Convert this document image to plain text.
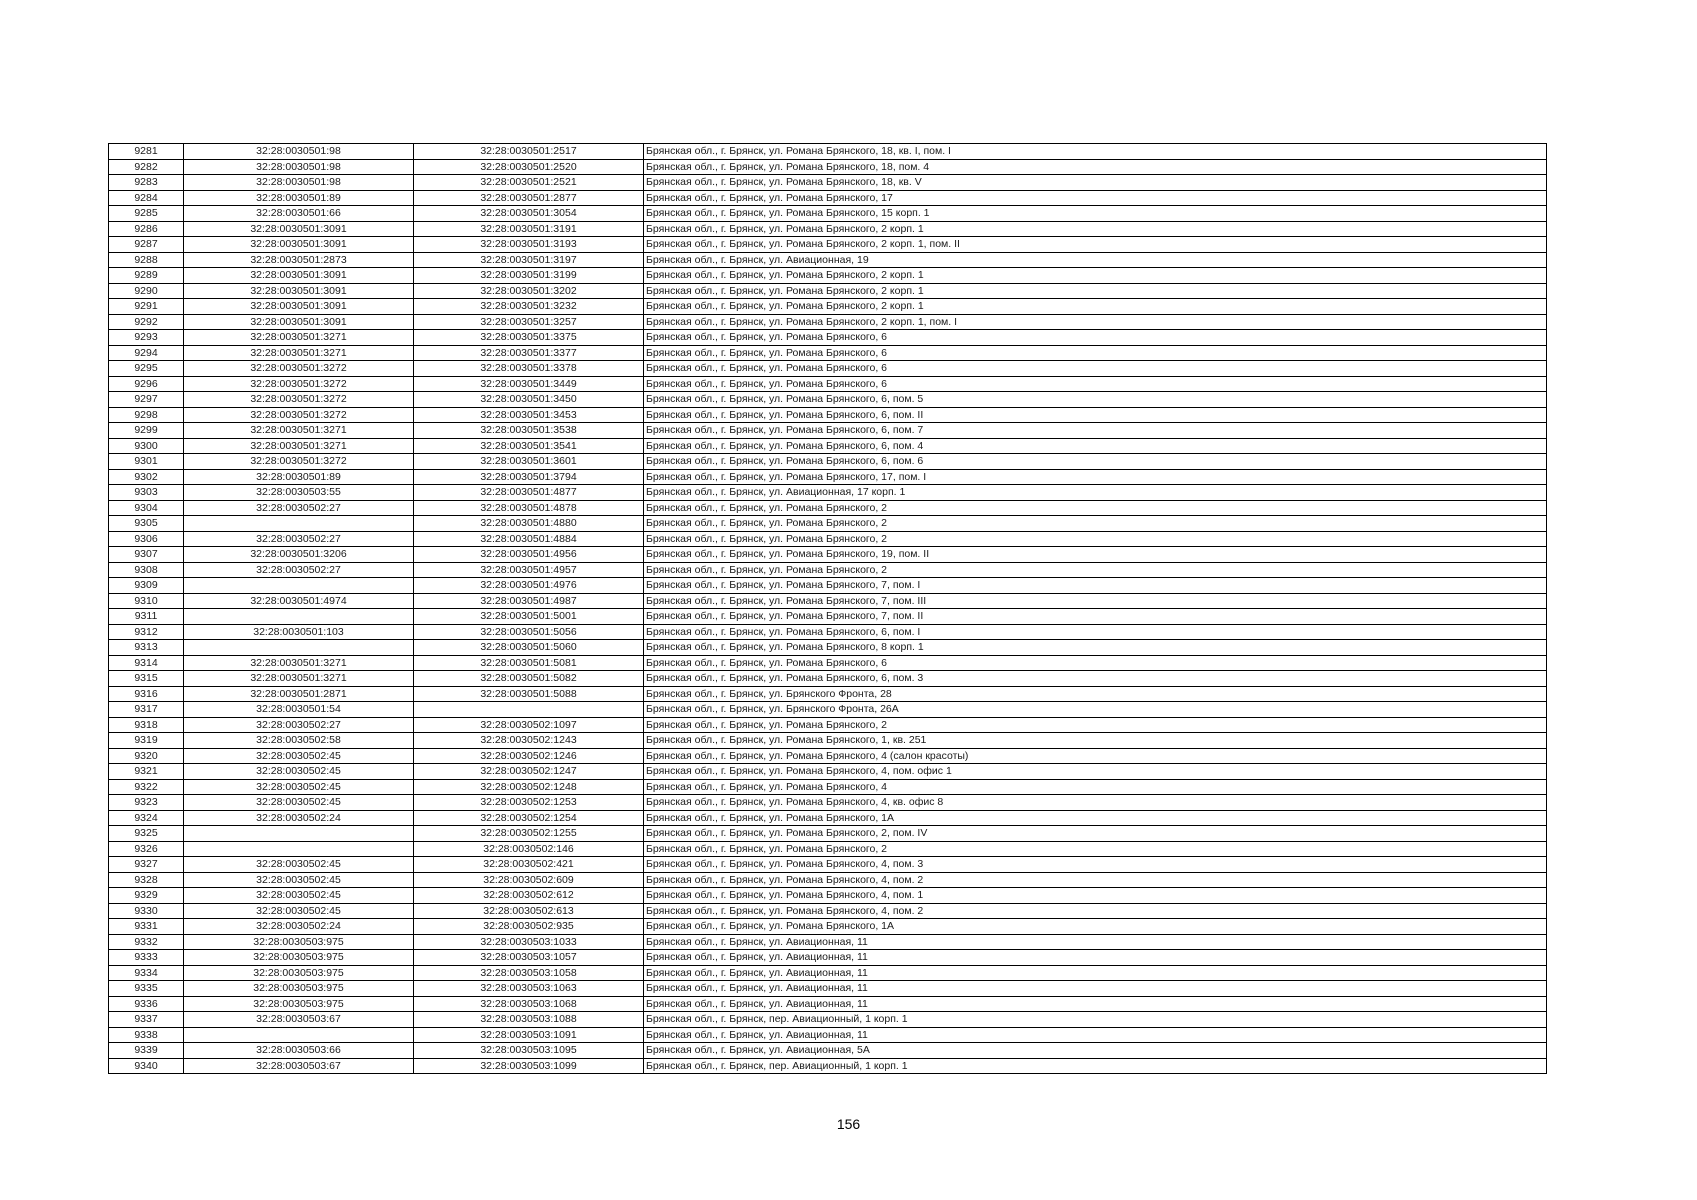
9281	32:28:0030501:98	32:28:0030501:2517	Брянская обл., г. Брянск, ул. Романа Брянского, 18, кв. I, пом. I
9282	32:28:0030501:98	32:28:0030501:2520	Брянская обл., г. Брянск, ул. Романа Брянского, 18, пом. 4
9283	32:28:0030501:98	32:28:0030501:2521	Брянская обл., г. Брянск, ул. Романа Брянского, 18, кв. V
9284	32:28:0030501:89	32:28:0030501:2877	Брянская обл., г. Брянск, ул. Романа Брянского, 17
9285	32:28:0030501:66	32:28:0030501:3054	Брянская обл., г. Брянск, ул. Романа Брянского, 15 корп. 1
9286	32:28:0030501:3091	32:28:0030501:3191	Брянская обл., г. Брянск, ул. Романа Брянского, 2 корп. 1
9287	32:28:0030501:3091	32:28:0030501:3193	Брянская обл., г. Брянск, ул. Романа Брянского, 2 корп. 1, пом. II
9288	32:28:0030501:2873	32:28:0030501:3197	Брянская обл., г. Брянск, ул. Авиационная, 19
9289	32:28:0030501:3091	32:28:0030501:3199	Брянская обл., г. Брянск, ул. Романа Брянского, 2 корп. 1
9290	32:28:0030501:3091	32:28:0030501:3202	Брянская обл., г. Брянск, ул. Романа Брянского, 2 корп. 1
9291	32:28:0030501:3091	32:28:0030501:3232	Брянская обл., г. Брянск, ул. Романа Брянского, 2 корп. 1
9292	32:28:0030501:3091	32:28:0030501:3257	Брянская обл., г. Брянск, ул. Романа Брянского, 2 корп. 1, пом. I
9293	32:28:0030501:3271	32:28:0030501:3375	Брянская обл., г. Брянск, ул. Романа Брянского, 6
9294	32:28:0030501:3271	32:28:0030501:3377	Брянская обл., г. Брянск, ул. Романа Брянского, 6
9295	32:28:0030501:3272	32:28:0030501:3378	Брянская обл., г. Брянск, ул. Романа Брянского, 6
9296	32:28:0030501:3272	32:28:0030501:3449	Брянская обл., г. Брянск, ул. Романа Брянского, 6
9297	32:28:0030501:3272	32:28:0030501:3450	Брянская обл., г. Брянск, ул. Романа Брянского, 6, пом. 5
9298	32:28:0030501:3272	32:28:0030501:3453	Брянская обл., г. Брянск, ул. Романа Брянского, 6, пом. II
9299	32:28:0030501:3271	32:28:0030501:3538	Брянская обл., г. Брянск, ул. Романа Брянского, 6, пом. 7
9300	32:28:0030501:3271	32:28:0030501:3541	Брянская обл., г. Брянск, ул. Романа Брянского, 6, пом. 4
9301	32:28:0030501:3272	32:28:0030501:3601	Брянская обл., г. Брянск, ул. Романа Брянского, 6, пом. 6
9302	32:28:0030501:89	32:28:0030501:3794	Брянская обл., г. Брянск, ул. Романа Брянского, 17, пом. I
9303	32:28:0030503:55	32:28:0030501:4877	Брянская обл., г. Брянск, ул. Авиационная, 17 корп. 1
9304	32:28:0030502:27	32:28:0030501:4878	Брянская обл., г. Брянск, ул. Романа Брянского, 2
9305		32:28:0030501:4880	Брянская обл., г. Брянск, ул. Романа Брянского, 2
9306	32:28:0030502:27	32:28:0030501:4884	Брянская обл., г. Брянск, ул. Романа Брянского, 2
9307	32:28:0030501:3206	32:28:0030501:4956	Брянская обл., г. Брянск, ул. Романа Брянского, 19, пом. II
9308	32:28:0030502:27	32:28:0030501:4957	Брянская обл., г. Брянск, ул. Романа Брянского, 2
9309		32:28:0030501:4976	Брянская обл., г. Брянск, ул. Романа Брянского, 7, пом. I
9310	32:28:0030501:4974	32:28:0030501:4987	Брянская обл., г. Брянск, ул. Романа Брянского, 7, пом. III
9311		32:28:0030501:5001	Брянская обл., г. Брянск, ул. Романа Брянского, 7, пом. II
9312	32:28:0030501:103	32:28:0030501:5056	Брянская обл., г. Брянск, ул. Романа Брянского, 6, пом. I
9313		32:28:0030501:5060	Брянская обл., г. Брянск, ул. Романа Брянского, 8 корп. 1
9314	32:28:0030501:3271	32:28:0030501:5081	Брянская обл., г. Брянск, ул. Романа Брянского, 6
9315	32:28:0030501:3271	32:28:0030501:5082	Брянская обл., г. Брянск, ул. Романа Брянского, 6, пом. 3
9316	32:28:0030501:2871	32:28:0030501:5088	Брянская обл., г. Брянск, ул. Брянского Фронта, 28
9317	32:28:0030501:54		Брянская обл., г. Брянск, ул. Брянского Фронта, 26А
9318	32:28:0030502:27	32:28:0030502:1097	Брянская обл., г. Брянск, ул. Романа Брянского, 2
9319	32:28:0030502:58	32:28:0030502:1243	Брянская обл., г. Брянск, ул. Романа Брянского, 1, кв. 251
9320	32:28:0030502:45	32:28:0030502:1246	Брянская обл., г. Брянск, ул. Романа Брянского, 4 (салон красоты)
9321	32:28:0030502:45	32:28:0030502:1247	Брянская обл., г. Брянск, ул. Романа Брянского, 4, пом. офис 1
9322	32:28:0030502:45	32:28:0030502:1248	Брянская обл., г. Брянск, ул. Романа Брянского, 4
9323	32:28:0030502:45	32:28:0030502:1253	Брянская обл., г. Брянск, ул. Романа Брянского, 4, кв. офис 8
9324	32:28:0030502:24	32:28:0030502:1254	Брянская обл., г. Брянск, ул. Романа Брянского, 1А
9325		32:28:0030502:1255	Брянская обл., г. Брянск, ул. Романа Брянского, 2, пом. IV
9326		32:28:0030502:146	Брянская обл., г. Брянск, ул. Романа Брянского, 2
9327	32:28:0030502:45	32:28:0030502:421	Брянская обл., г. Брянск, ул. Романа Брянского, 4, пом. 3
9328	32:28:0030502:45	32:28:0030502:609	Брянская обл., г. Брянск, ул. Романа Брянского, 4, пом. 2
9329	32:28:0030502:45	32:28:0030502:612	Брянская обл., г. Брянск, ул. Романа Брянского, 4, пом. 1
9330	32:28:0030502:45	32:28:0030502:613	Брянская обл., г. Брянск, ул. Романа Брянского, 4, пом. 2
9331	32:28:0030502:24	32:28:0030502:935	Брянская обл., г. Брянск, ул. Романа Брянского, 1А
9332	32:28:0030503:975	32:28:0030503:1033	Брянская обл., г. Брянск, ул. Авиационная, 11
9333	32:28:0030503:975	32:28:0030503:1057	Брянская обл., г. Брянск, ул. Авиационная, 11
9334	32:28:0030503:975	32:28:0030503:1058	Брянская обл., г. Брянск, ул. Авиационная, 11
9335	32:28:0030503:975	32:28:0030503:1063	Брянская обл., г. Брянск, ул. Авиационная, 11
9336	32:28:0030503:975	32:28:0030503:1068	Брянская обл., г. Брянск, ул. Авиационная, 11
9337	32:28:0030503:67	32:28:0030503:1088	Брянская обл., г. Брянск, пер. Авиационный, 1 корп. 1
9338		32:28:0030503:1091	Брянская обл., г. Брянск, ул. Авиационная, 11
9339	32:28:0030503:66	32:28:0030503:1095	Брянская обл., г. Брянск, ул. Авиационная, 5А
9340	32:28:0030503:67	32:28:0030503:1099	Брянская обл., г. Брянск, пер. Авиационный, 1 корп. 1
156
